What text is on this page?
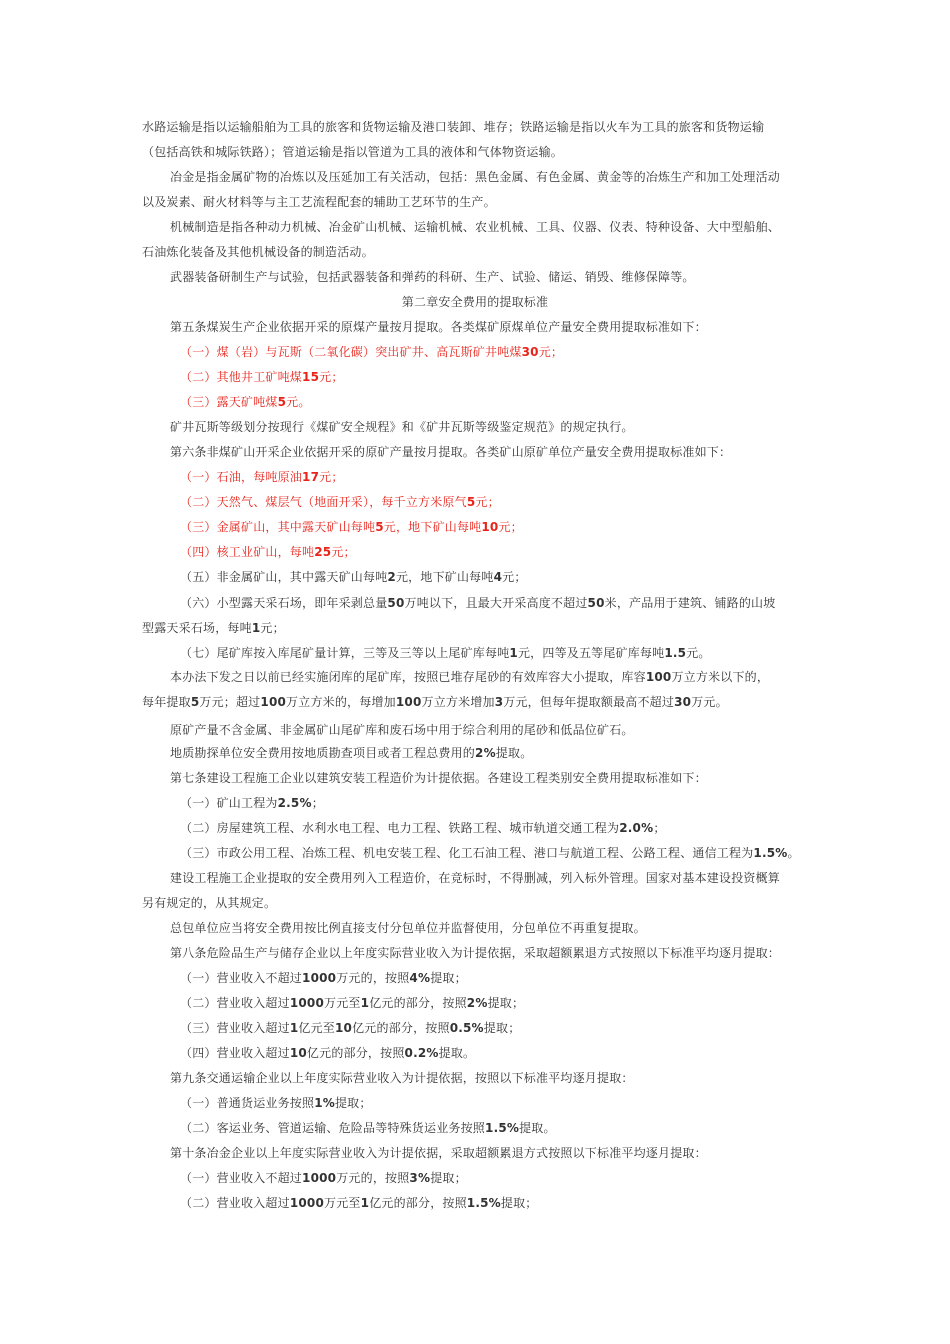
水路运输是指以运输船舶为工具的旅客和货物运输及港口装卸、堆存；铁路运输是指以火车为工具的旅客和货物运输
（包括高铁和城际铁路）；管道运输是指以管道为工具的液体和气体物资运输。
冶金是指金属矿物的冶炼以及压延加工有关活动，包括：黑色金属、有色金属、黄金等的冶炼生产和加工处理活动
以及炭素、耐火材料等与主工艺流程配套的辅助工艺环节的生产。
机械制造是指各种动力机械、冶金矿山机械、运输机械、农业机械、工具、仪器、仪表、特种设备、大中型船舶、
石油炼化装备及其他机械设备的制造活动。
武器装备研制生产与试验，包括武器装备和弹药的科研、生产、试验、储运、销毁、维修保障等。
第二章安全费用的提取标准
第五条煤炭生产企业依据开采的原煤产量按月提取。各类煤矿原煤单位产量安全费用提取标准如下：
（一）煤（岩）与瓦斯（二氧化碳）突出矿井、高瓦斯矿井吨煤30元；
（二）其他井工矿吨煤15元；
（三）露天矿吨煤5元。
矿井瓦斯等级划分按现行《煤矿安全规程》和《矿井瓦斯等级鉴定规范》的规定执行。
第六条非煤矿山开采企业依据开采的原矿产量按月提取。各类矿山原矿单位产量安全费用提取标准如下：
（一）石油，每吨原油17元；
（二）天然气、煤层气（地面开采），每千立方米原气5元；
（三）金属矿山，其中露天矿山每吨5元，地下矿山每吨10元；
（四）核工业矿山，每吨25元；
（五）非金属矿山，其中露天矿山每吨2元，地下矿山每吨4元；
（六）小型露天采石场，即年采剥总量50万吨以下，且最大开采高度不超过50米，产品用于建筑、铺路的山坡
型露天采石场，每吨1元；
（七）尾矿库按入库尾矿量计算，三等及三等以上尾矿库每吨1元，四等及五等尾矿库每吨1.5元。
本办法下发之日以前已经实施闭库的尾矿库，按照已堆存尾砂的有效库容大小提取，库容100万立方米以下的，
每年提取5万元；超过100万立方米的，每增加100万立方米增加3万元，但每年提取额最高不超过30万元。
原矿产量不含金属、非金属矿山尾矿库和废石场中用于综合利用的尾砂和低品位矿石。
地质勘探单位安全费用按地质勘查项目或者工程总费用的2%提取。
第七条建设工程施工企业以建筑安装工程造价为计提依据。各建设工程类别安全费用提取标准如下：
（一）矿山工程为2.5%；
（二）房屋建筑工程、水利水电工程、电力工程、铁路工程、城市轨道交通工程为2.0%；
（三）市政公用工程、冶炼工程、机电安装工程、化工石油工程、港口与航道工程、公路工程、通信工程为1.5%。
建设工程施工企业提取的安全费用列入工程造价，在竞标时，不得删减，列入标外管理。国家对基本建设投资概算
另有规定的，从其规定。
总包单位应当将安全费用按比例直接支付分包单位并监督使用，分包单位不再重复提取。
第八条危险品生产与储存企业以上年度实际营业收入为计提依据，采取超额累退方式按照以下标准平均逐月提取：
（一）营业收入不超过1000万元的，按照4%提取；
（二）营业收入超过1000万元至1亿元的部分，按照2%提取；
（三）营业收入超过1亿元至10亿元的部分，按照0.5%提取；
（四）营业收入超过10亿元的部分，按照0.2%提取。
第九条交通运输企业以上年度实际营业收入为计提依据，按照以下标准平均逐月提取：
（一）普通货运业务按照1%提取；
（二）客运业务、管道运输、危险品等特殊货运业务按照1.5%提取。
第十条冶金企业以上年度实际营业收入为计提依据，采取超额累退方式按照以下标准平均逐月提取：
（一）营业收入不超过1000万元的，按照3%提取；
（二）营业收入超过1000万元至1亿元的部分，按照1.5%提取；
